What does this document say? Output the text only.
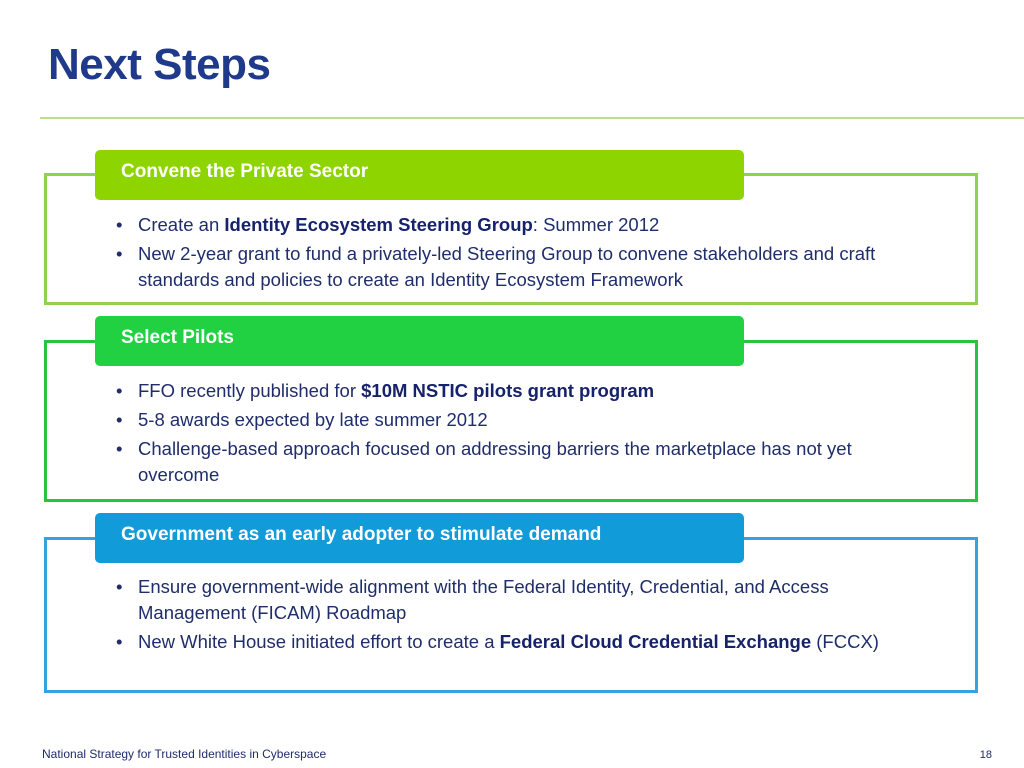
Next Steps
Convene the Private Sector
• Create an Identity Ecosystem Steering Group: Summer 2012
• New 2-year grant to fund a privately-led Steering Group to convene stakeholders and craft standards and policies to create an Identity Ecosystem Framework
Select Pilots
• FFO recently published for $10M NSTIC pilots grant program
• 5-8 awards expected by late summer 2012
• Challenge-based approach focused on addressing barriers the marketplace has not yet overcome
Government as an early adopter to stimulate demand
• Ensure government-wide alignment with the Federal Identity, Credential, and Access Management (FICAM) Roadmap
• New White House initiated effort to create a Federal Cloud Credential Exchange (FCCX)
National Strategy for Trusted Identities in Cyberspace	18
